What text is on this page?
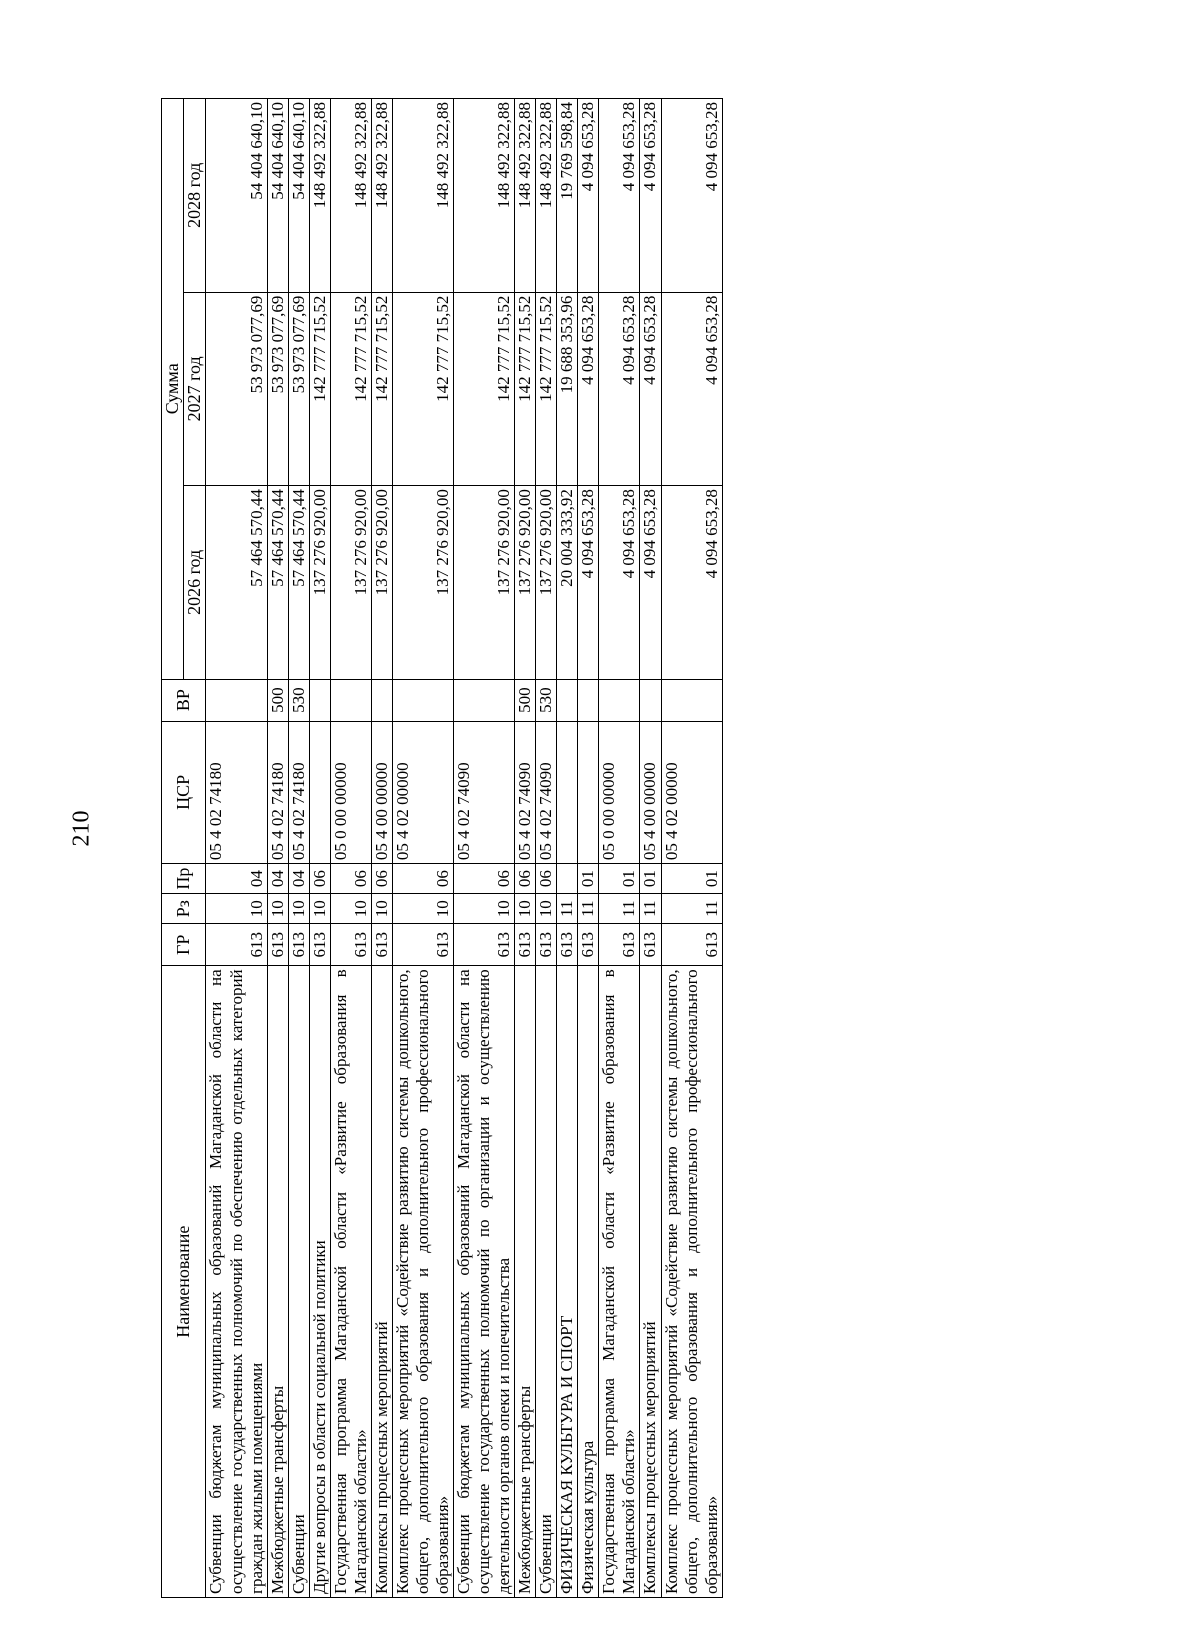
210
Наименование	ГР	Рз	Пр	ЦСР	ВР	Сумма		
						2026 год	2027 год	2028 год
Субвенции бюджетам муниципальных образований Магаданской области на осуществление государственных полномочий по обеспечению отдельных категорий граждан жилыми помещениями	613	10	04	05 4 02 74180		57 464 570,44	53 973 077,69	54 404 640,10
Межбюджетные трансферты	613	10	04	05 4 02 74180	500	57 464 570,44	53 973 077,69	54 404 640,10
Субвенции	613	10	04	05 4 02 74180	530	57 464 570,44	53 973 077,69	54 404 640,10
Другие вопросы в области социальной политики	613	10	06			137 276 920,00	142 777 715,52	148 492 322,88
Государственная программа Магаданской области «Развитие образования в Магаданской области»	613	10	06	05 0 00 00000		137 276 920,00	142 777 715,52	148 492 322,88
Комплексы процессных мероприятий	613	10	06	05 4 00 00000		137 276 920,00	142 777 715,52	148 492 322,88
Комплекс процессных мероприятий «Содействие развитию системы дошкольного, общего, дополнительного образования и дополнительного профессионального образования»	613	10	06	05 4 02 00000		137 276 920,00	142 777 715,52	148 492 322,88
Субвенции бюджетам муниципальных образований Магаданской области на осуществление государственных полномочий по организации и осуществлению деятельности органов опеки и попечительства	613	10	06	05 4 02 74090		137 276 920,00	142 777 715,52	148 492 322,88
Межбюджетные трансферты	613	10	06	05 4 02 74090	500	137 276 920,00	142 777 715,52	148 492 322,88
Субвенции	613	10	06	05 4 02 74090	530	137 276 920,00	142 777 715,52	148 492 322,88
ФИЗИЧЕСКАЯ КУЛЬТУРА И СПОРТ	613	11				20 004 333,92	19 688 353,96	19 769 598,84
Физическая культура	613	11	01			4 094 653,28	4 094 653,28	4 094 653,28
Государственная программа Магаданской области «Развитие образования в Магаданской области»	613	11	01	05 0 00 00000		4 094 653,28	4 094 653,28	4 094 653,28
Комплексы процессных мероприятий	613	11	01	05 4 00 00000		4 094 653,28	4 094 653,28	4 094 653,28
Комплекс процессных мероприятий «Содействие развитию системы дошкольного, общего, дополнительного образования и дополнительного профессионального образования»	613	11	01	05 4 02 00000		4 094 653,28	4 094 653,28	4 094 653,28
